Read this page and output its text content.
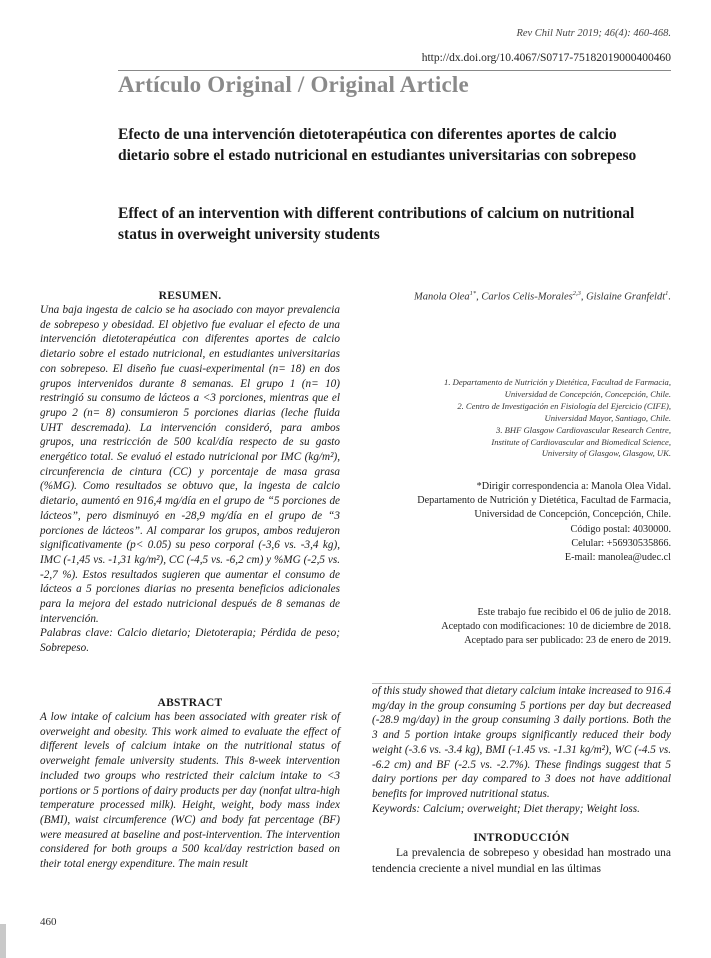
Rev Chil Nutr 2019; 46(4): 460-468.
http://dx.doi.org/10.4067/S0717-75182019000400460
Artículo Original / Original Article
Efecto de una intervención dietoterapéutica con diferentes aportes de calcio dietario sobre el estado nutricional en estudiantes universitarias con sobrepeso
Effect of an intervention with different contributions of calcium on nutritional status in overweight university students
RESUMEN.

Una baja ingesta de calcio se ha asociado con mayor prevalencia de sobrepeso y obesidad. El objetivo fue evaluar el efecto de una intervención dietoterapéutica con diferentes aportes de calcio dietario sobre el estado nutricional, en estudiantes universitarias con sobrepeso. El diseño fue cuasi-experimental (n= 18) en dos grupos intervenidos durante 8 semanas. El grupo 1 (n= 10) restringió su consumo de lácteos a <3 porciones, mientras que el grupo 2 (n= 8) consumieron 5 porciones diarias (leche fluida UHT descremada). La intervención consideró, para ambos grupos, una restricción de 500 kcal/día respecto de su gasto energético total. Se evaluó el estado nutricional por IMC (kg/m²), circunferencia de cintura (CC) y porcentaje de masa grasa (%MG). Como resultados se obtuvo que, la ingesta de calcio dietario, aumentó en 916,4 mg/día en el grupo de “5 porciones de lácteos”, pero disminuyó en -28,9 mg/día en el grupo de “3 porciones de lácteos”. Al comparar los grupos, ambos redujeron significativamente (p< 0.05) su peso corporal (-3,6 vs. -3,4 kg), IMC (-1,45 vs. -1,31 kg/m²), CC (-4,5 vs. -6,2 cm) y %MG (-2,5 vs. -2,7 %). Estos resultados sugieren que aumentar el consumo de lácteos a 5 porciones diarias no presenta beneficios adicionales para la mejora del estado nutricional después de 8 semanas de intervención.

Palabras clave: Calcio dietario; Dietoterapia; Pérdida de peso; Sobrepeso.

ABSTRACT
A low intake of calcium has been associated with greater risk of overweight and obesity. This work aimed to evaluate the effect of different levels of calcium intake on the nutritional status of overweight female university students. This 8-week intervention included two groups who restricted their calcium intake to <3 portions or 5 portions of dairy products per day (nonfat ultra-high temperature processed milk). Height, weight, body mass index (BMI), waist circumference (WC) and body fat percentage (BF) were measured at baseline and post-intervention. The intervention considered for both groups a 500 kcal/day restriction based on their total energy expenditure. The main result
Manola Olea$^{1*}$, Carlos Celis-Morales$^{2,3}$, Gislaine Granfeldt$^1$.
1. Departamento de Nutrición y Dietética, Facultad de Farmacia,
Universidad de Concepción, Concepción, Chile.
2. Centro de Investigación en Fisiología del Ejercicio (CIFE),
Universidad Mayor, Santiago, Chile.
3. BHF Glasgow Cardiovascular Research Centre,
Institute of Cardiovascular and Biomedical Science,
University of Glasgow, Glasgow, UK.
*Dirigir correspondencia a: Manola Olea Vidal.
Departamento de Nutrición y Dietética, Facultad de Farmacia,
Universidad de Concepción, Concepción, Chile.
Código postal: 4030000.
Celular: +56930535866.
E-mail: manolea@udec.cl
Este trabajo fue recibido el 06 de julio de 2018.
Aceptado con modificaciones: 10 de diciembre de 2018.
Aceptado para ser publicado: 23 de enero de 2019.

of this study showed that dietary calcium intake increased to 916.4 mg/day in the group consuming 5 portions per day but decreased (-28.9 mg/day) in the group consuming 3 daily portions. Both the 3 and 5 portion intake groups significantly reduced their body weight (-3.6 vs. -3.4 kg), BMI (-1.45 vs. -1.31 kg/m²), WC (-4.5 vs. -6.2 cm) and BF (-2.5 vs. -2.7%). These findings suggest that 5 dairy portions per day compared to 3 does not have additional benefits for improved nutritional status.

Keywords: Calcium; overweight; Diet therapy; Weight loss.

INTRODUCCIÓN
La prevalencia de sobrepeso y obesidad han mostrado una tendencia creciente a nivel mundial en las últimas
460
